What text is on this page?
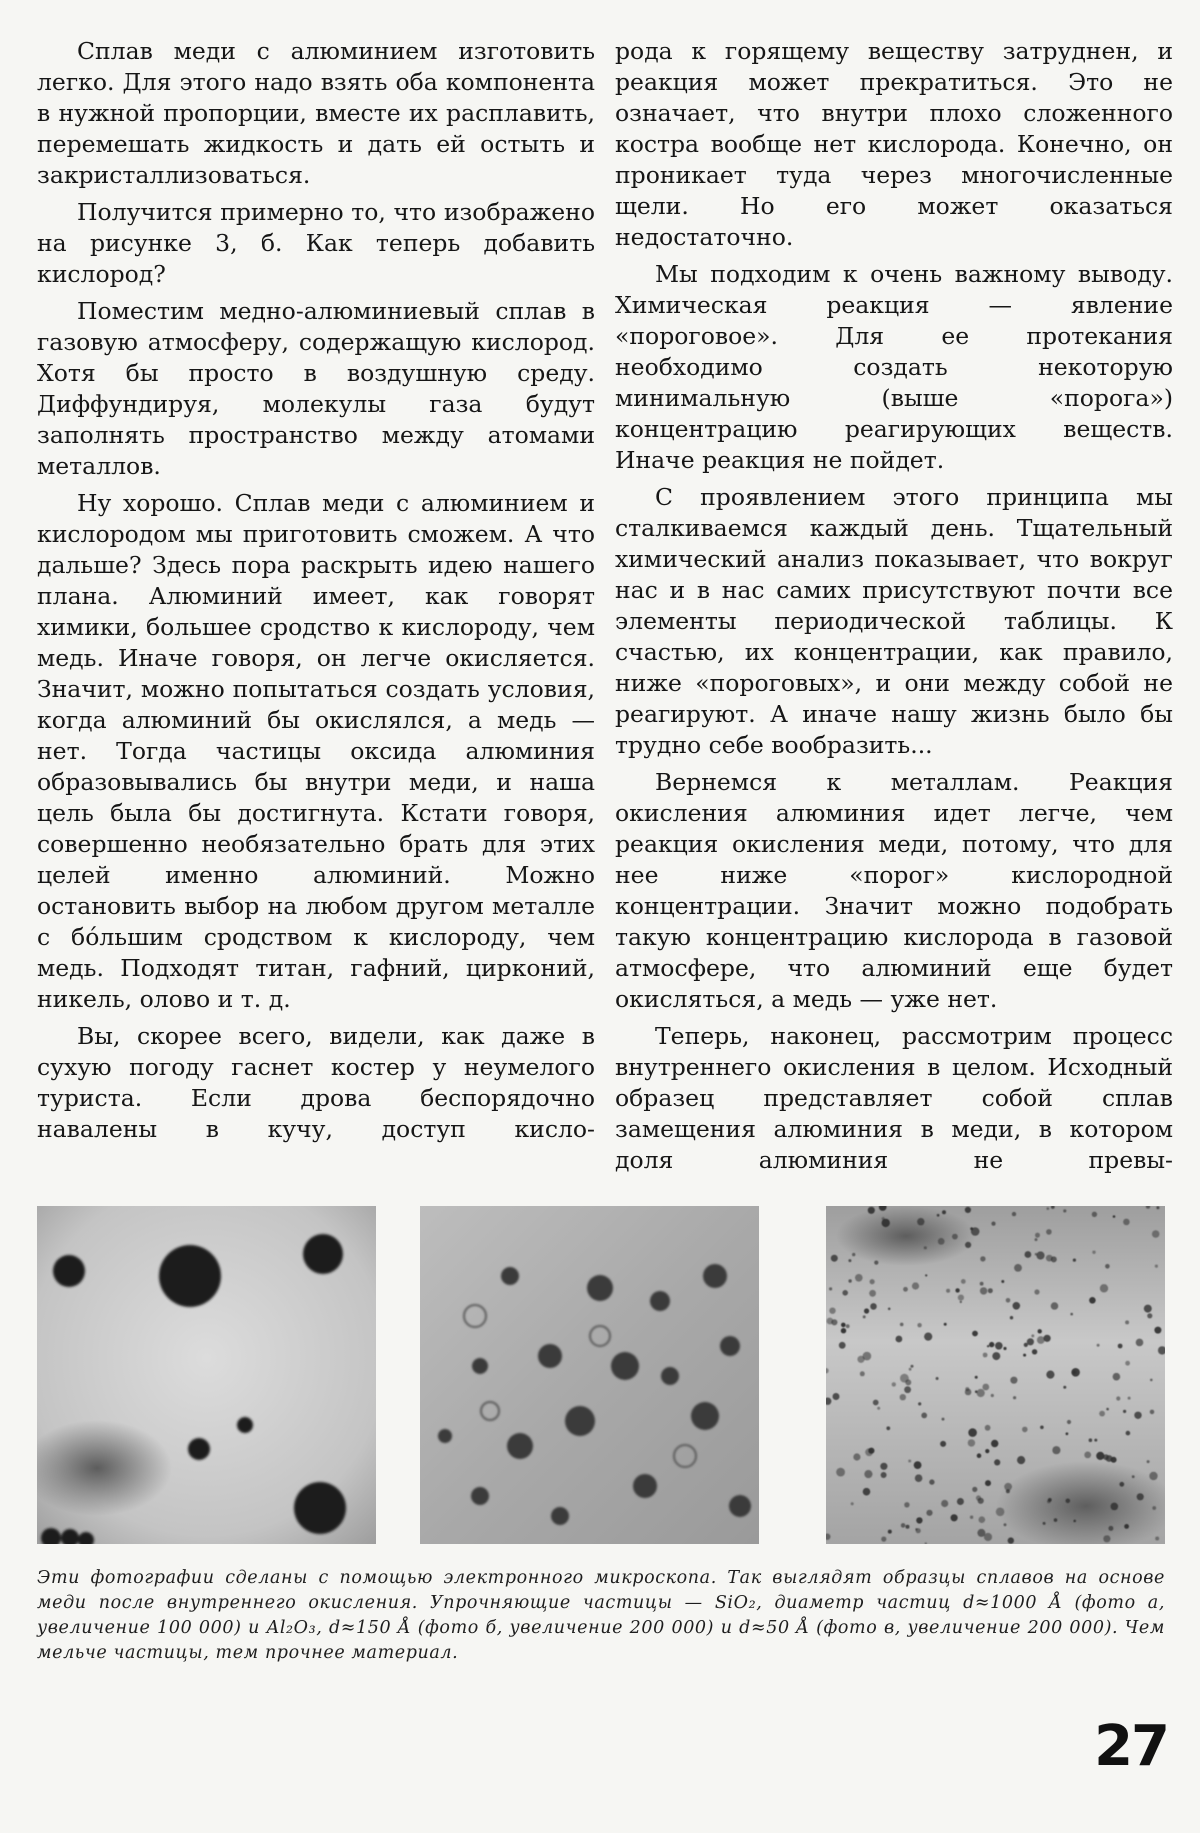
Сплав меди с алюминием изготовить легко. Для этого надо взять оба компонента в нужной пропорции, вместе их расплавить, перемешать жидкость и дать ей остыть и закристаллизоваться.

Получится примерно то, что изображено на рисунке 3, б. Как теперь добавить кислород?

Поместим медно-алюминиевый сплав в газовую атмосферу, содержащую кислород. Хотя бы просто в воздушную среду. Диффундируя, молекулы газа будут заполнять пространство между атомами металлов.

Ну хорошо. Сплав меди с алюминием и кислородом мы приготовить сможем. А что дальше? Здесь пора раскрыть идею нашего плана. Алюминий имеет, как говорят химики, большее сродство к кислороду, чем медь. Иначе говоря, он легче окисляется. Значит, можно попытаться создать условия, когда алюминий бы окислялся, а медь — нет. Тогда частицы оксида алюминия образовывались бы внутри меди, и наша цель была бы достигнута. Кстати говоря, совершенно необязательно брать для этих целей именно алюминий. Можно остановить выбор на любом другом металле с бо́льшим сродством к кислороду, чем медь. Подходят титан, гафний, цирконий, никель, олово и т. д.

Вы, скорее всего, видели, как даже в сухую погоду гаснет костер у неумелого туриста. Если дрова беспорядочно навалены в кучу, доступ кисло-

рода к горящему веществу затруднен, и реакция может прекратиться. Это не означает, что внутри плохо сложенного костра вообще нет кислорода. Конечно, он проникает туда через многочисленные щели. Но его может оказаться недостаточно.

Мы подходим к очень важному выводу. Химическая реакция — явление «пороговое». Для ее протекания необходимо создать некоторую минимальную (выше «порога») концентрацию реагирующих веществ. Иначе реакция не пойдет.

С проявлением этого принципа мы сталкиваемся каждый день. Тщательный химический анализ показывает, что вокруг нас и в нас самих присутствуют почти все элементы периодической таблицы. К счастью, их концентрации, как правило, ниже «пороговых», и они между собой не реагируют. А иначе нашу жизнь было бы трудно себе вообразить...

Вернемся к металлам. Реакция окисления алюминия идет легче, чем реакция окисления меди, потому, что для нее ниже «порог» кислородной концентрации. Значит можно подобрать такую концентрацию кислорода в газовой атмосфере, что алюминий еще будет окисляться, а медь — уже нет.

Теперь, наконец, рассмотрим процесс внутреннего окисления в целом. Исходный образец представляет собой сплав замещения алюминия в меди, в котором доля алюминия не превы-

Эти фотографии сделаны с помощью электронного микроскопа. Так выглядят образцы сплавов на основе меди после внутреннего окисления. Упрочняющие частицы — SiO₂, диаметр частиц d≈1000 Å (фото а, увеличение 100 000) и Al₂O₃, d≈150 Å (фото б, увеличение 200 000) и d≈50 Å (фото в, увеличение 200 000). Чем мельче частицы, тем прочнее материал.

27
